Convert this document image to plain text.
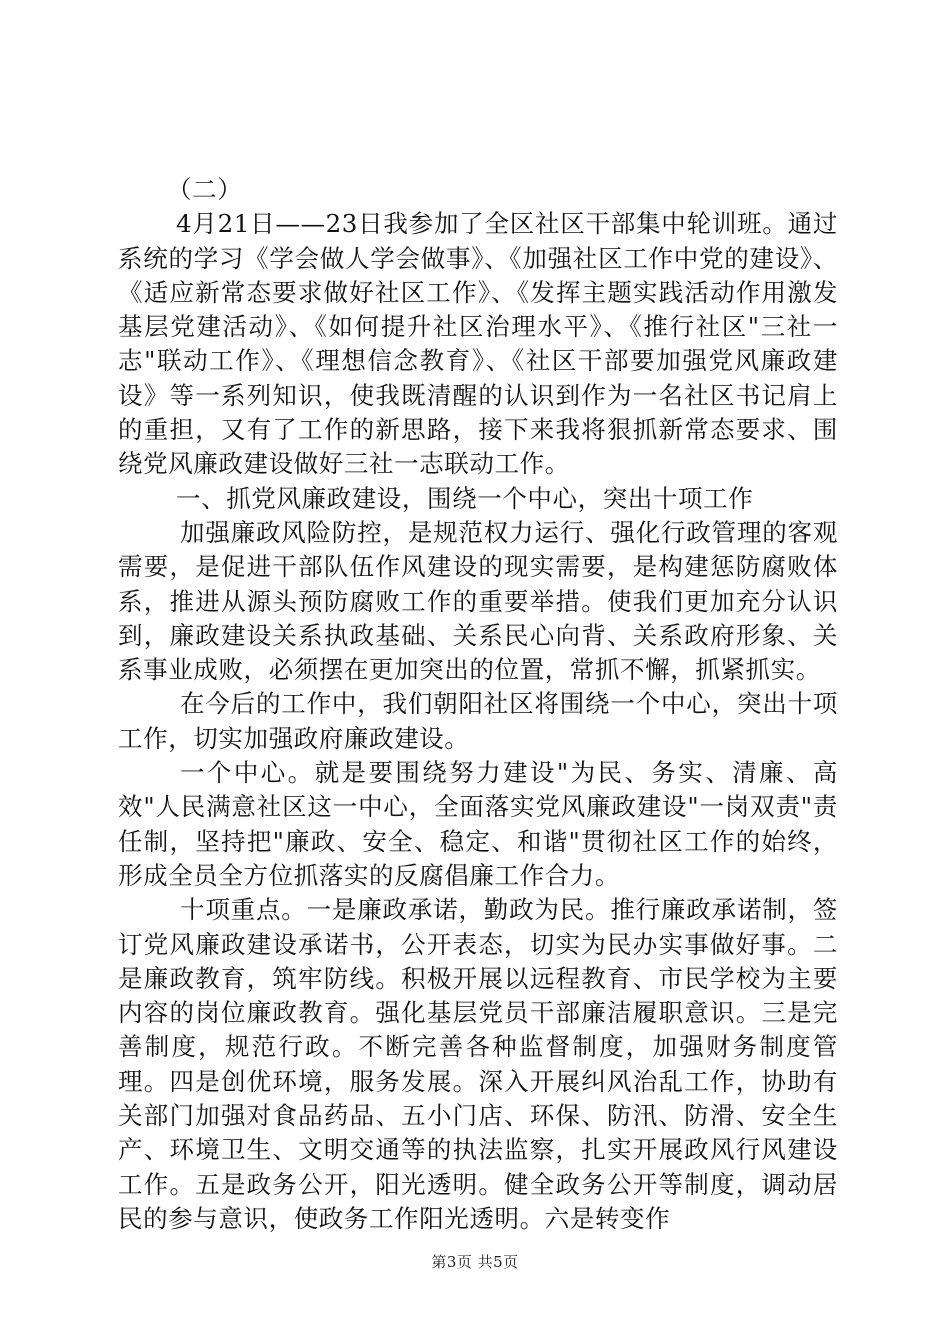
（二）

4月21日——23日我参加了全区社区干部集中轮训班。通过系统的学习《学会做人学会做事》、《加强社区工作中党的建设》、《适应新常态要求做好社区工作》、《发挥主题实践活动作用激发基层党建活动》、《如何提升社区治理水平》、《推行社区"三社一志"联动工作》、《理想信念教育》、《社区干部要加强党风廉政建设》等一系列知识，使我既清醒的认识到作为一名社区书记肩上的重担，又有了工作的新思路，接下来我将狠抓新常态要求、围绕党风廉政建设做好三社一志联动工作。

一、抓党风廉政建设，围绕一个中心，突出十项工作

加强廉政风险防控，是规范权力运行、强化行政管理的客观需要，是促进干部队伍作风建设的现实需要，是构建惩防腐败体系，推进从源头预防腐败工作的重要举措。使我们更加充分认识到，廉政建设关系执政基础、关系民心向背、关系政府形象、关系事业成败，必须摆在更加突出的位置，常抓不懈，抓紧抓实。

在今后的工作中，我们朝阳社区将围绕一个中心，突出十项工作，切实加强政府廉政建设。

一个中心。就是要围绕努力建设"为民、务实、清廉、高效"人民满意社区这一中心，全面落实党风廉政建设"一岗双责"责任制，坚持把"廉政、安全、稳定、和谐"贯彻社区工作的始终，形成全员全方位抓落实的反腐倡廉工作合力。

十项重点。一是廉政承诺，勤政为民。推行廉政承诺制，签订党风廉政建设承诺书，公开表态，切实为民办实事做好事。二是廉政教育，筑牢防线。积极开展以远程教育、市民学校为主要内容的岗位廉政教育。强化基层党员干部廉洁履职意识。三是完善制度，规范行政。不断完善各种监督制度，加强财务制度管理。四是创优环境，服务发展。深入开展纠风治乱工作，协助有关部门加强对食品药品、五小门店、环保、防汛、防滑、安全生产、环境卫生、文明交通等的执法监察，扎实开展政风行风建设工作。五是政务公开，阳光透明。健全政务公开等制度，调动居民的参与意识，使政务工作阳光透明。六是转变作

第3页 共5页
